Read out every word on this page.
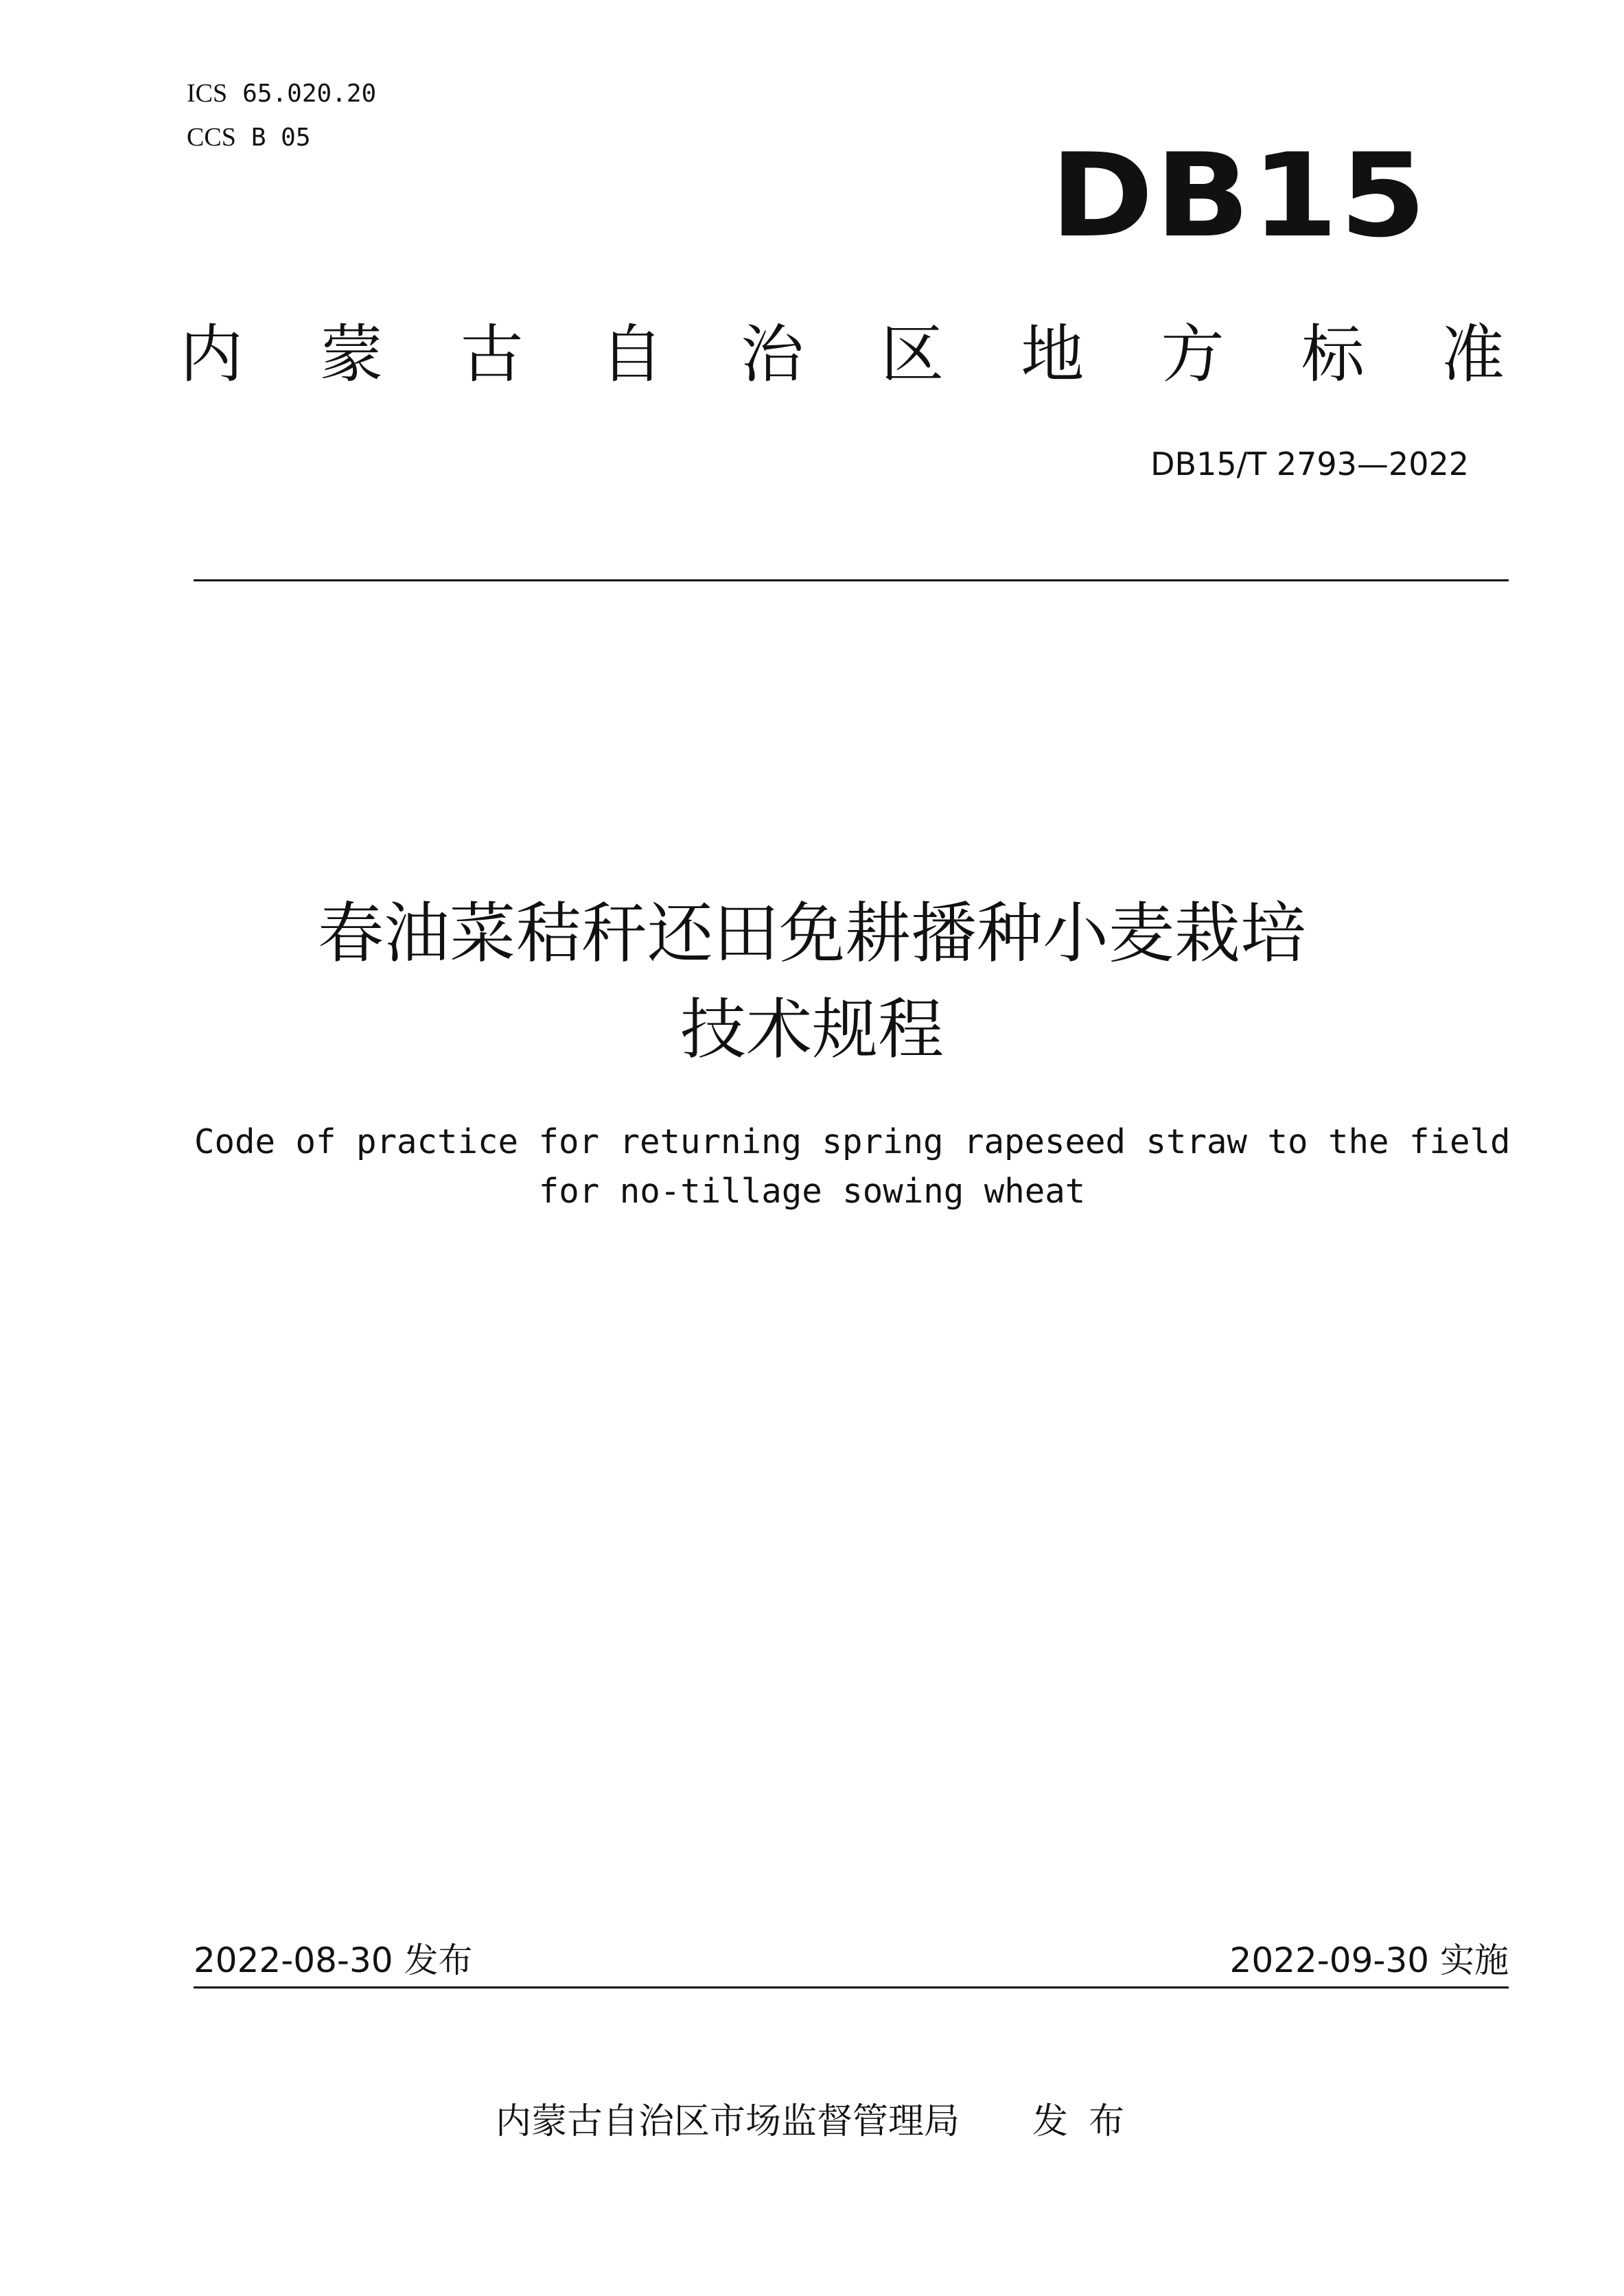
ICS 65.020.20
CCS B 05	DB15
内 蒙 古 自 治 区 地 方 标 准
DB15/T 2793—2022
春油菜秸秆还田免耕播种小麦栽培
技术规程
Code of practice for returning spring rapeseed straw to the field
for no-tillage sowing wheat
2022-08-30 发布	2022-09-30 实施
内蒙古自治区市场监督管理局 发布
